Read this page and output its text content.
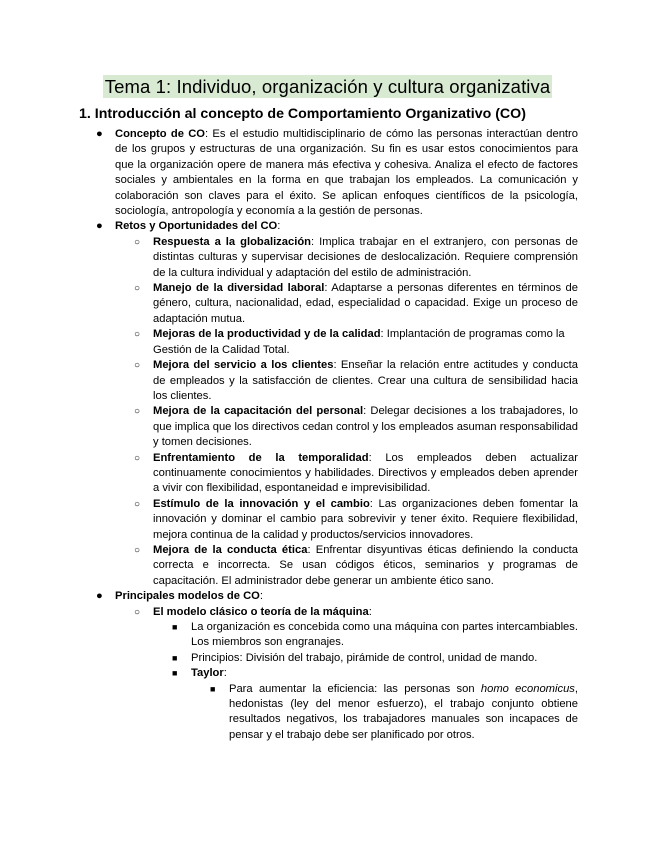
Tema 1: Individuo, organización y cultura organizativa
1. Introducción al concepto de Comportamiento Organizativo (CO)
● Concepto de CO: Es el estudio multidisciplinario de cómo las personas interactúan dentro de los grupos y estructuras de una organización. Su fin es usar estos conocimientos para que la organización opere de manera más efectiva y cohesiva. Analiza el efecto de factores sociales y ambientales en la forma en que trabajan los empleados. La comunicación y colaboración son claves para el éxito. Se aplican enfoques científicos de la psicología, sociología, antropología y economía a la gestión de personas.
● Retos y Oportunidades del CO:
○ Respuesta a la globalización: Implica trabajar en el extranjero, con personas de distintas culturas y supervisar decisiones de deslocalización. Requiere comprensión de la cultura individual y adaptación del estilo de administración.
○ Manejo de la diversidad laboral: Adaptarse a personas diferentes en términos de género, cultura, nacionalidad, edad, especialidad o capacidad. Exige un proceso de adaptación mutua.
○ Mejoras de la productividad y de la calidad: Implantación de programas como la Gestión de la Calidad Total.
○ Mejora del servicio a los clientes: Enseñar la relación entre actitudes y conducta de empleados y la satisfacción de clientes. Crear una cultura de sensibilidad hacia los clientes.
○ Mejora de la capacitación del personal: Delegar decisiones a los trabajadores, lo que implica que los directivos cedan control y los empleados asuman responsabilidad y tomen decisiones.
○ Enfrentamiento de la temporalidad: Los empleados deben actualizar continuamente conocimientos y habilidades. Directivos y empleados deben aprender a vivir con flexibilidad, espontaneidad e imprevisibilidad.
○ Estímulo de la innovación y el cambio: Las organizaciones deben fomentar la innovación y dominar el cambio para sobrevivir y tener éxito. Requiere flexibilidad, mejora continua de la calidad y productos/servicios innovadores.
○ Mejora de la conducta ética: Enfrentar disyuntivas éticas definiendo la conducta correcta e incorrecta. Se usan códigos éticos, seminarios y programas de capacitación. El administrador debe generar un ambiente ético sano.
● Principales modelos de CO:
○ El modelo clásico o teoría de la máquina:
■ La organización es concebida como una máquina con partes intercambiables. Los miembros son engranajes.
■ Principios: División del trabajo, pirámide de control, unidad de mando.
■ Taylor:
■ Para aumentar la eficiencia: las personas son homo economicus, hedonistas (ley del menor esfuerzo), el trabajo conjunto obtiene resultados negativos, los trabajadores manuales son incapaces de pensar y el trabajo debe ser planificado por otros.
